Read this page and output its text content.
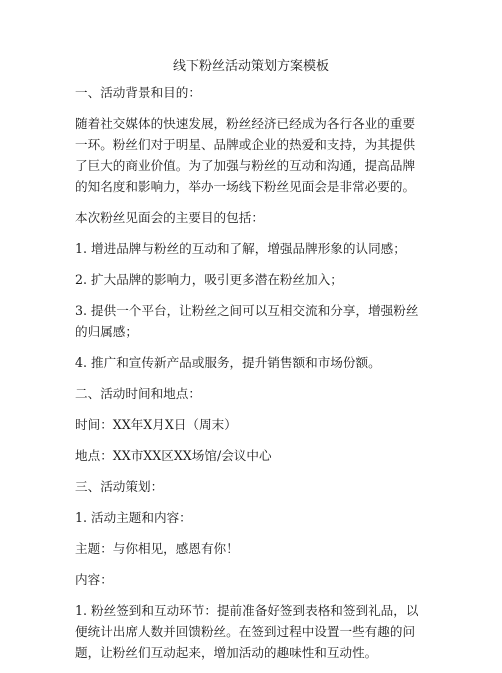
线下粉丝活动策划方案模板

一、活动背景和目的：

随着社交媒体的快速发展，粉丝经济已经成为各行各业的重要一环。粉丝们对于明星、品牌或企业的热爱和支持，为其提供了巨大的商业价值。为了加强与粉丝的互动和沟通，提高品牌的知名度和影响力，举办一场线下粉丝见面会是非常必要的。

本次粉丝见面会的主要目的包括：

1. 增进品牌与粉丝的互动和了解，增强品牌形象的认同感；

2. 扩大品牌的影响力，吸引更多潜在粉丝加入；

3. 提供一个平台，让粉丝之间可以互相交流和分享，增强粉丝的归属感；

4. 推广和宣传新产品或服务，提升销售额和市场份额。

二、活动时间和地点：

时间：XX年X月X日（周末）

地点：XX市XX区XX场馆/会议中心

三、活动策划：

1. 活动主题和内容：

主题：与你相见，感恩有你！

内容：

1. 粉丝签到和互动环节：提前准备好签到表格和签到礼品，以便统计出席人数并回馈粉丝。在签到过程中设置一些有趣的问题，让粉丝们互动起来，增加活动的趣味性和互动性。
